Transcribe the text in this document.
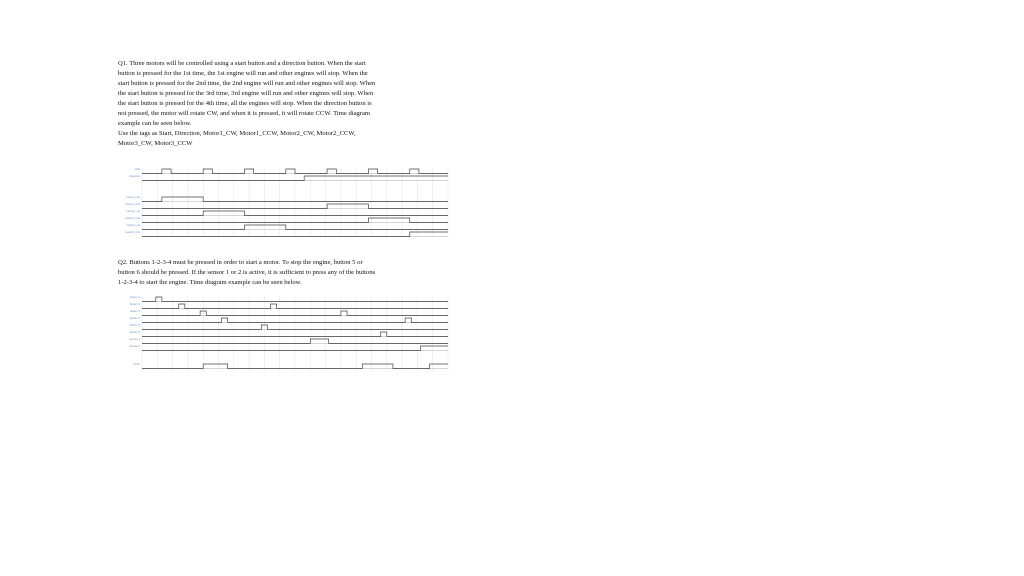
Q1. Three motors will be controlled using a start button and a direction button. When the start
button is pressed for the 1st time, the 1st engine will run and other engines will stop. When the
start button is pressed for the 2nd time, the 2nd engine will run and other engines will stop. When
the start button is pressed for the 3rd time, 3rd engine will run and other engines will stop. When
the start button is pressed for the 4th time, all the engines will stop. When the direction button is
not pressed, the motor will rotate CW, and when it is pressed, it will rotate CCW. Time diagram
example can be seen below.
Use the tags as Start, Direction, Motor1_CW, Motor1_CCW, Motor2_CW, Motor2_CCW,
Motor3_CW, Motor3_CCW

Q2. Buttons 1-2-3-4 must be pressed in order to start a motor. To stop the engine, button 5 or
button 6 should be pressed. If the sensor 1 or 2 is active, it is sufficient to press any of the buttons
1-2-3-4 to start the engine. Time diagram example can be seen below.

start
direction
motor1_cw
motor1_ccw
motor2_cw
motor2_ccw
motor3_cw
motor3_ccw
button 1
button 2
button 3
button 4
button 5
button 6
sensor 1
sensor 2
motor
